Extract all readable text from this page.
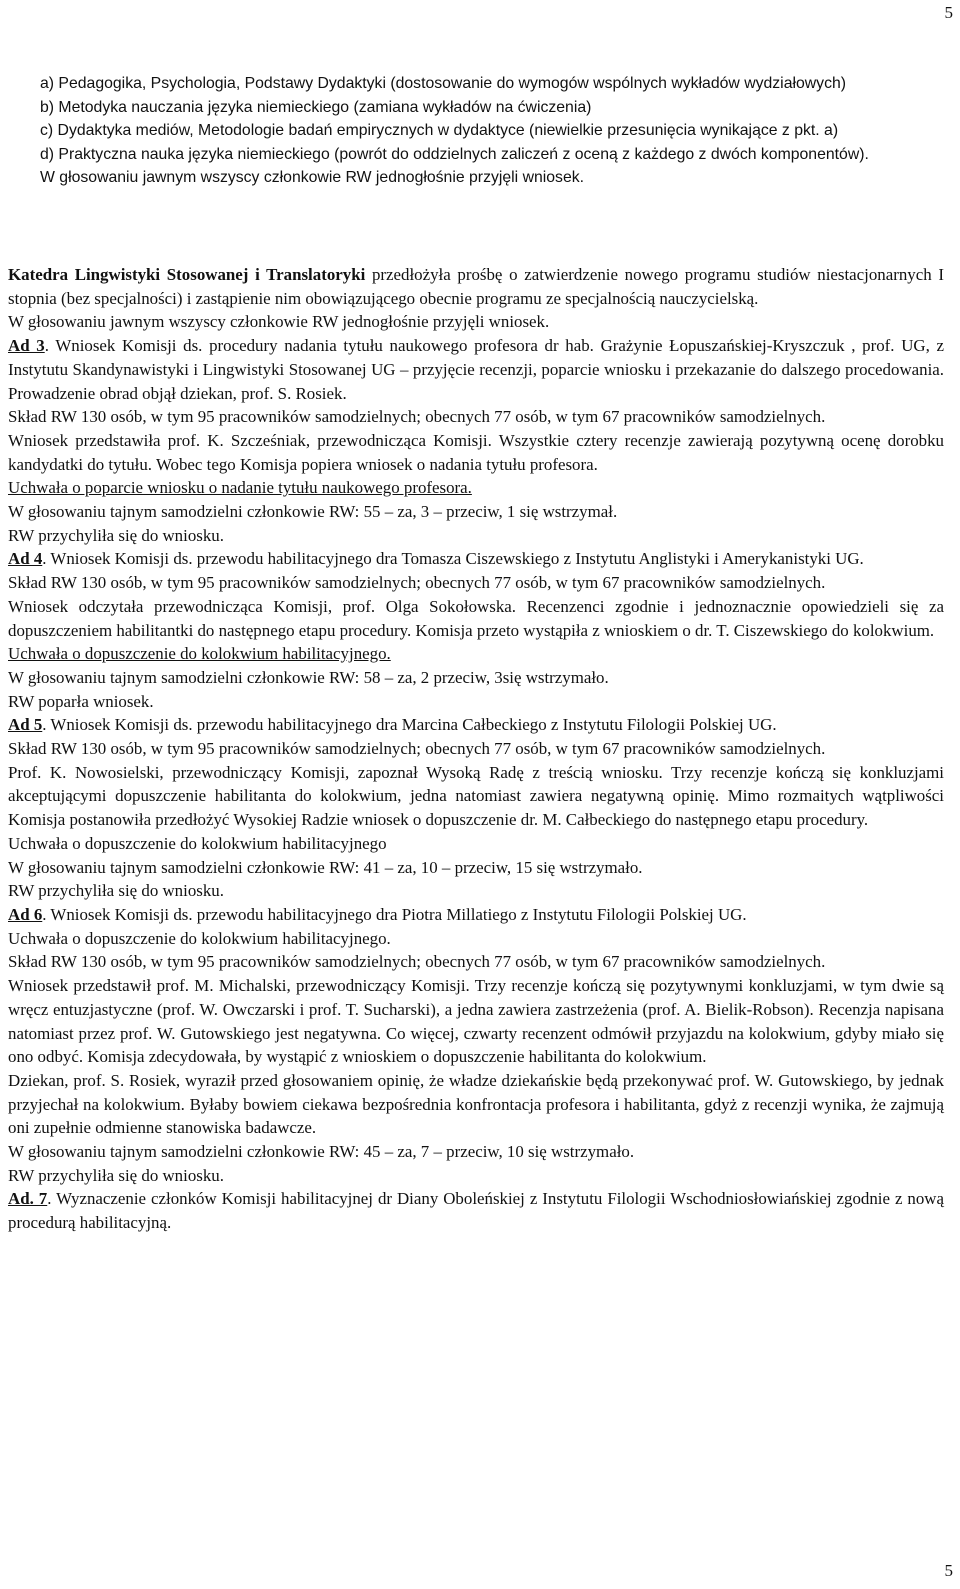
5

a) Pedagogika, Psychologia, Podstawy Dydaktyki (dostosowanie do wymogów wspólnych wykładów wydziałowych)

b) Metodyka nauczania języka niemieckiego (zamiana wykładów na ćwiczenia)

c) Dydaktyka mediów, Metodologie badań empirycznych w dydaktyce (niewielkie przesunięcia wynikające z pkt. a)

d) Praktyczna nauka języka niemieckiego (powrót do oddzielnych zaliczeń z oceną z każdego z dwóch komponentów).

W głosowaniu jawnym wszyscy członkowie RW jednogłośnie przyjęli wniosek.

Katedra Lingwistyki Stosowanej i Translatoryki przedłożyła prośbę o zatwierdzenie nowego programu studiów niestacjonarnych I stopnia (bez specjalności) i zastąpienie nim obowiązującego obecnie programu ze specjalnością nauczycielską.

W głosowaniu jawnym wszyscy członkowie RW jednogłośnie przyjęli wniosek.

Ad 3. Wniosek Komisji ds. procedury nadania tytułu naukowego profesora dr hab. Grażynie Łopuszańskiej-Kryszczuk , prof. UG, z Instytutu Skandynawistyki i Lingwistyki Stosowanej UG – przyjęcie recenzji, poparcie wniosku i przekazanie do dalszego procedowania. Prowadzenie obrad objął dziekan, prof. S. Rosiek.

Skład RW 130 osób, w tym 95 pracowników samodzielnych; obecnych 77 osób, w tym 67 pracowników samodzielnych.

Wniosek przedstawiła prof. K. Szcześniak, przewodnicząca Komisji. Wszystkie cztery recenzje zawierają pozytywną ocenę dorobku kandydatki do tytułu. Wobec tego Komisja popiera wniosek o nadania tytułu profesora.

Uchwała o poparcie wniosku o nadanie tytułu naukowego profesora.

W głosowaniu tajnym samodzielni członkowie RW: 55 – za, 3 – przeciw, 1 się wstrzymał.

RW przychyliła się do wniosku.

Ad 4. Wniosek Komisji ds. przewodu habilitacyjnego dra Tomasza Ciszewskiego z Instytutu Anglistyki i Amerykanistyki UG.

Skład RW 130 osób, w tym 95 pracowników samodzielnych; obecnych 77 osób, w tym 67 pracowników samodzielnych.

Wniosek odczytała przewodnicząca Komisji, prof. Olga Sokołowska. Recenzenci zgodnie i jednoznacznie opowiedzieli się za dopuszczeniem habilitantki do następnego etapu procedury. Komisja przeto wystąpiła z wnioskiem o dr. T. Ciszewskiego do kolokwium.

Uchwała o dopuszczenie do kolokwium habilitacyjnego.

W głosowaniu tajnym samodzielni członkowie RW: 58 – za, 2 przeciw, 3się wstrzymało.

RW poparła wniosek.

Ad 5. Wniosek Komisji ds. przewodu habilitacyjnego dra Marcina Całbeckiego z Instytutu Filologii Polskiej UG.

Skład RW 130 osób, w tym 95 pracowników samodzielnych; obecnych 77 osób, w tym 67 pracowników samodzielnych.

Prof. K. Nowosielski, przewodniczący Komisji, zapoznał Wysoką Radę z treścią wniosku. Trzy recenzje kończą się konkluzjami akceptującymi dopuszczenie habilitanta do kolokwium, jedna natomiast zawiera negatywną opinię. Mimo rozmaitych wątpliwości Komisja postanowiła przedłożyć Wysokiej Radzie wniosek o dopuszczenie dr. M. Całbeckiego do następnego etapu procedury.

Uchwała o dopuszczenie do kolokwium habilitacyjnego

W głosowaniu tajnym samodzielni członkowie RW: 41 – za, 10 – przeciw, 15 się wstrzymało.

RW przychyliła się do wniosku.

Ad 6. Wniosek Komisji ds. przewodu habilitacyjnego dra Piotra Millatiego z Instytutu Filologii Polskiej UG.

Uchwała o dopuszczenie do kolokwium habilitacyjnego.

Skład RW 130 osób, w tym 95 pracowników samodzielnych; obecnych 77 osób, w tym 67 pracowników samodzielnych.

Wniosek przedstawił prof. M. Michalski, przewodniczący Komisji. Trzy recenzje kończą się pozytywnymi konkluzjami, w tym dwie są wręcz entuzjastyczne (prof. W. Owczarski i prof. T. Sucharski), a jedna zawiera zastrzeżenia (prof. A. Bielik-Robson). Recenzja napisana natomiast przez prof. W. Gutowskiego jest negatywna. Co więcej, czwarty recenzent odmówił przyjazdu na kolokwium, gdyby miało się ono odbyć. Komisja zdecydowała, by wystąpić z wnioskiem o dopuszczenie habilitanta do kolokwium.

Dziekan, prof. S. Rosiek, wyraził przed głosowaniem opinię, że władze dziekańskie będą przekonywać prof. W. Gutowskiego, by jednak przyjechał na kolokwium. Byłaby bowiem ciekawa bezpośrednia konfrontacja profesora i habilitanta, gdyż z recenzji wynika, że zajmują oni zupełnie odmienne stanowiska badawcze.

W głosowaniu tajnym samodzielni członkowie RW: 45 – za, 7 – przeciw, 10 się wstrzymało.

RW przychyliła się do wniosku.

Ad. 7. Wyznaczenie członków Komisji habilitacyjnej dr Diany Oboleńskiej z Instytutu Filologii Wschodniosłowiańskiej zgodnie z nową procedurą habilitacyjną.

5
